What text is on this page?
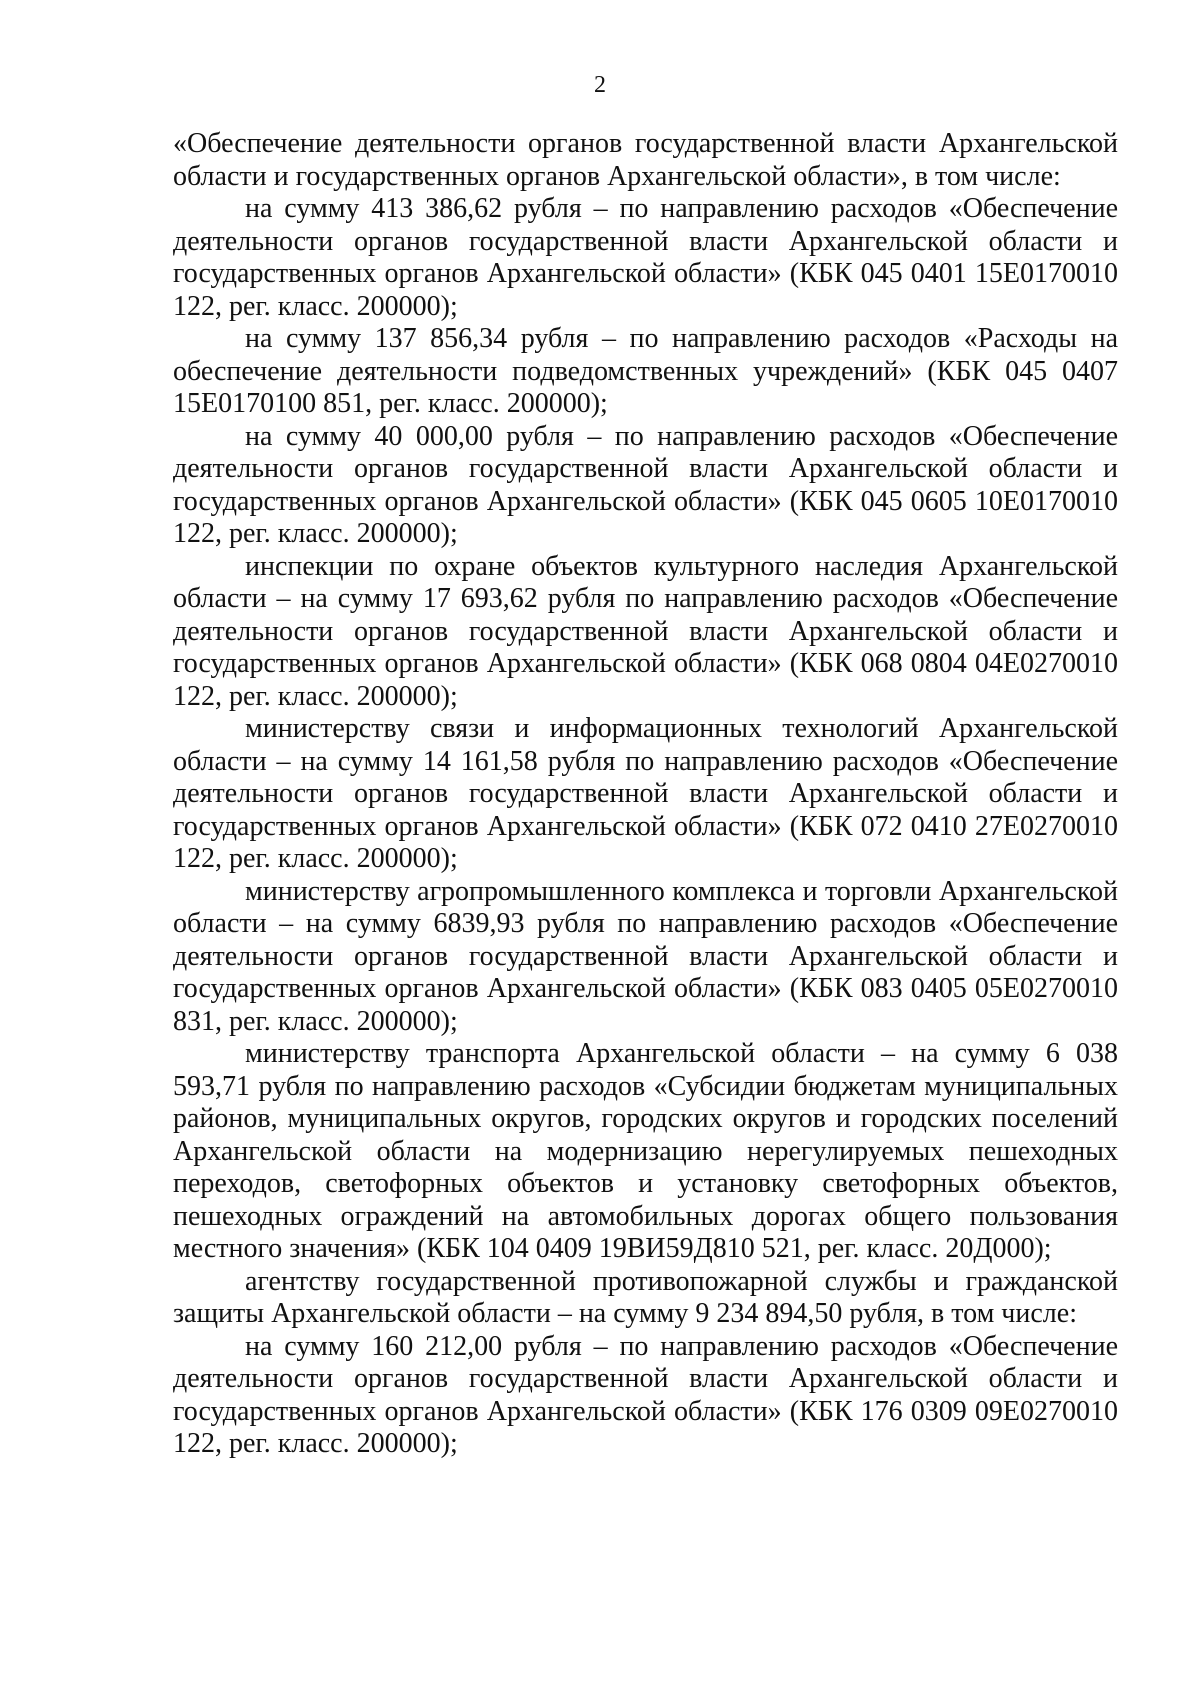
2

«Обеспечение деятельности органов государственной власти Архангельской области и государственных органов Архангельской области», в том числе:

на сумму 413 386,62 рубля – по направлению расходов «Обеспечение деятельности органов государственной власти Архангельской области и государственных органов Архангельской области» (КБК 045 0401 15Е0170010 122, рег. класс. 200000);

на сумму 137 856,34 рубля – по направлению расходов «Расходы на обеспечение деятельности подведомственных учреждений» (КБК 045 0407 15Е0170100 851, рег. класс. 200000);

на сумму 40 000,00 рубля – по направлению расходов «Обеспечение деятельности органов государственной власти Архангельской области и государственных органов Архангельской области» (КБК 045 0605 10Е0170010 122, рег. класс. 200000);

инспекции по охране объектов культурного наследия Архангельской области – на сумму 17 693,62 рубля по направлению расходов «Обеспечение деятельности органов государственной власти Архангельской области и государственных органов Архангельской области» (КБК 068 0804 04Е0270010 122, рег. класс. 200000);

министерству связи и информационных технологий Архангельской области – на сумму 14 161,58 рубля по направлению расходов «Обеспечение деятельности органов государственной власти Архангельской области и государственных органов Архангельской области» (КБК 072 0410 27Е0270010 122, рег. класс. 200000);

министерству агропромышленного комплекса и торговли Архангельской области – на сумму 6839,93 рубля по направлению расходов «Обеспечение деятельности органов государственной власти Архангельской области и государственных органов Архангельской области» (КБК 083 0405 05Е0270010 831, рег. класс. 200000);

министерству транспорта Архангельской области – на сумму 6 038 593,71 рубля по направлению расходов «Субсидии бюджетам муниципальных районов, муниципальных округов, городских округов и городских поселений Архангельской области на модернизацию нерегулируемых пешеходных переходов, светофорных объектов и установку светофорных объектов, пешеходных ограждений на автомобильных дорогах общего пользования местного значения» (КБК 104 0409 19ВИ59Д810 521, рег. класс. 20Д000);

агентству государственной противопожарной службы и гражданской защиты Архангельской области – на сумму 9 234 894,50 рубля, в том числе:

на сумму 160 212,00 рубля – по направлению расходов «Обеспечение деятельности органов государственной власти Архангельской области и государственных органов Архангельской области» (КБК 176 0309 09Е0270010 122, рег. класс. 200000);
